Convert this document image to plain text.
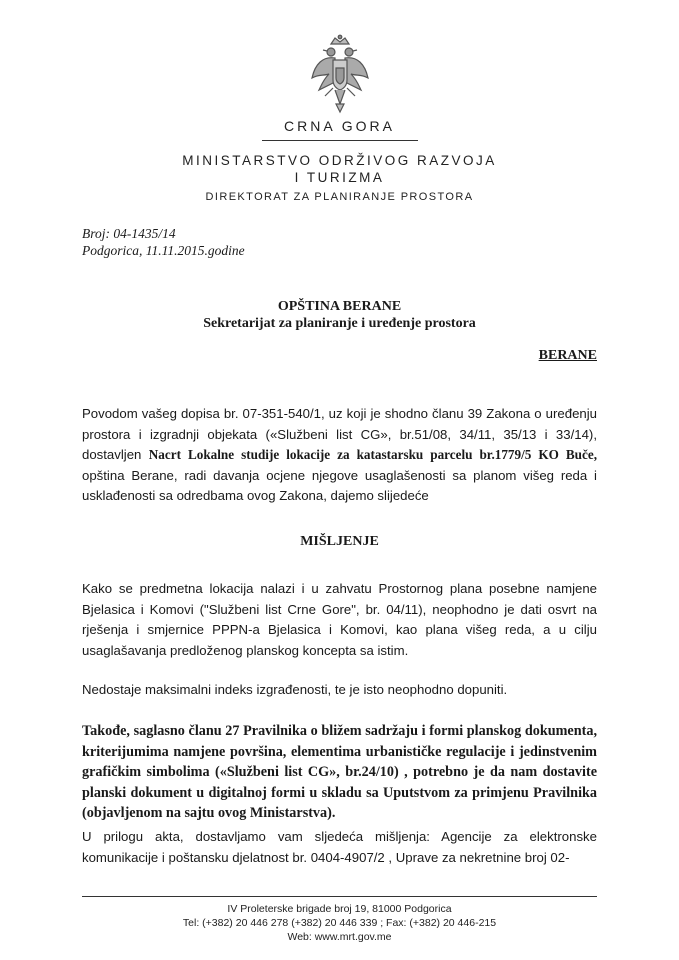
CRNA GORA
MINISTARSTVO ODRŽIVOG RAZVOJA
I TURIZMA
DIREKTORAT ZA PLANIRANJE PROSTORA
Broj: 04-1435/14
Podgorica, 11.11.2015.godine
OPŠTINA BERANE
Sekretarijat za planiranje i uređenje prostora
BERANE

Povodom vašeg dopisa br. 07-351-540/1, uz koji je shodno članu 39 Zakona o uređenju prostora i izgradnji objekata («Službeni list CG», br.51/08, 34/11, 35/13 i 33/14), dostavljen Nacrt Lokalne studije lokacije za katastarsku parcelu br.1779/5 KO Buče, opština Berane, radi davanja ocjene njegove usaglašenosti sa planom višeg reda i usklađenosti sa odredbama ovog Zakona, dajemo slijedeće

MIŠLJENJE

Kako se predmetna lokacija nalazi i u zahvatu Prostornog plana posebne namjene Bjelasica i Komovi ("Službeni list Crne Gore", br. 04/11), neophodno je dati osvrt na rješenja i smjernice PPPN-a Bjelasica i Komovi, kao plana višeg reda, a u cilju usaglašavanja predloženog planskog koncepta sa istim.

Nedostaje maksimalni indeks izgrađenosti, te je isto neophodno dopuniti.

Takođe, saglasno članu 27 Pravilnika o bližem sadržaju i formi planskog dokumenta, kriterijumima namjene površina, elementima urbanističke regulacije i jedinstvenim grafičkim simbolima («Službeni list CG», br.24/10) , potrebno je da nam dostavite planski dokument u digitalnoj formi u skladu sa Uputstvom za primjenu Pravilnika (objavljenom na sajtu ovog Ministarstva).

U prilogu akta, dostavljamo vam sljedeća mišljenja: Agencije za elektronske komunikacije i poštansku djelatnost br. 0404-4907/2 , Uprave za nekretnine broj 02-

IV Proleterske brigade broj 19, 81000 Podgorica
Tel: (+382) 20 446 278 (+382) 20 446 339 ; Fax: (+382) 20 446-215
Web: www.mrt.gov.me
